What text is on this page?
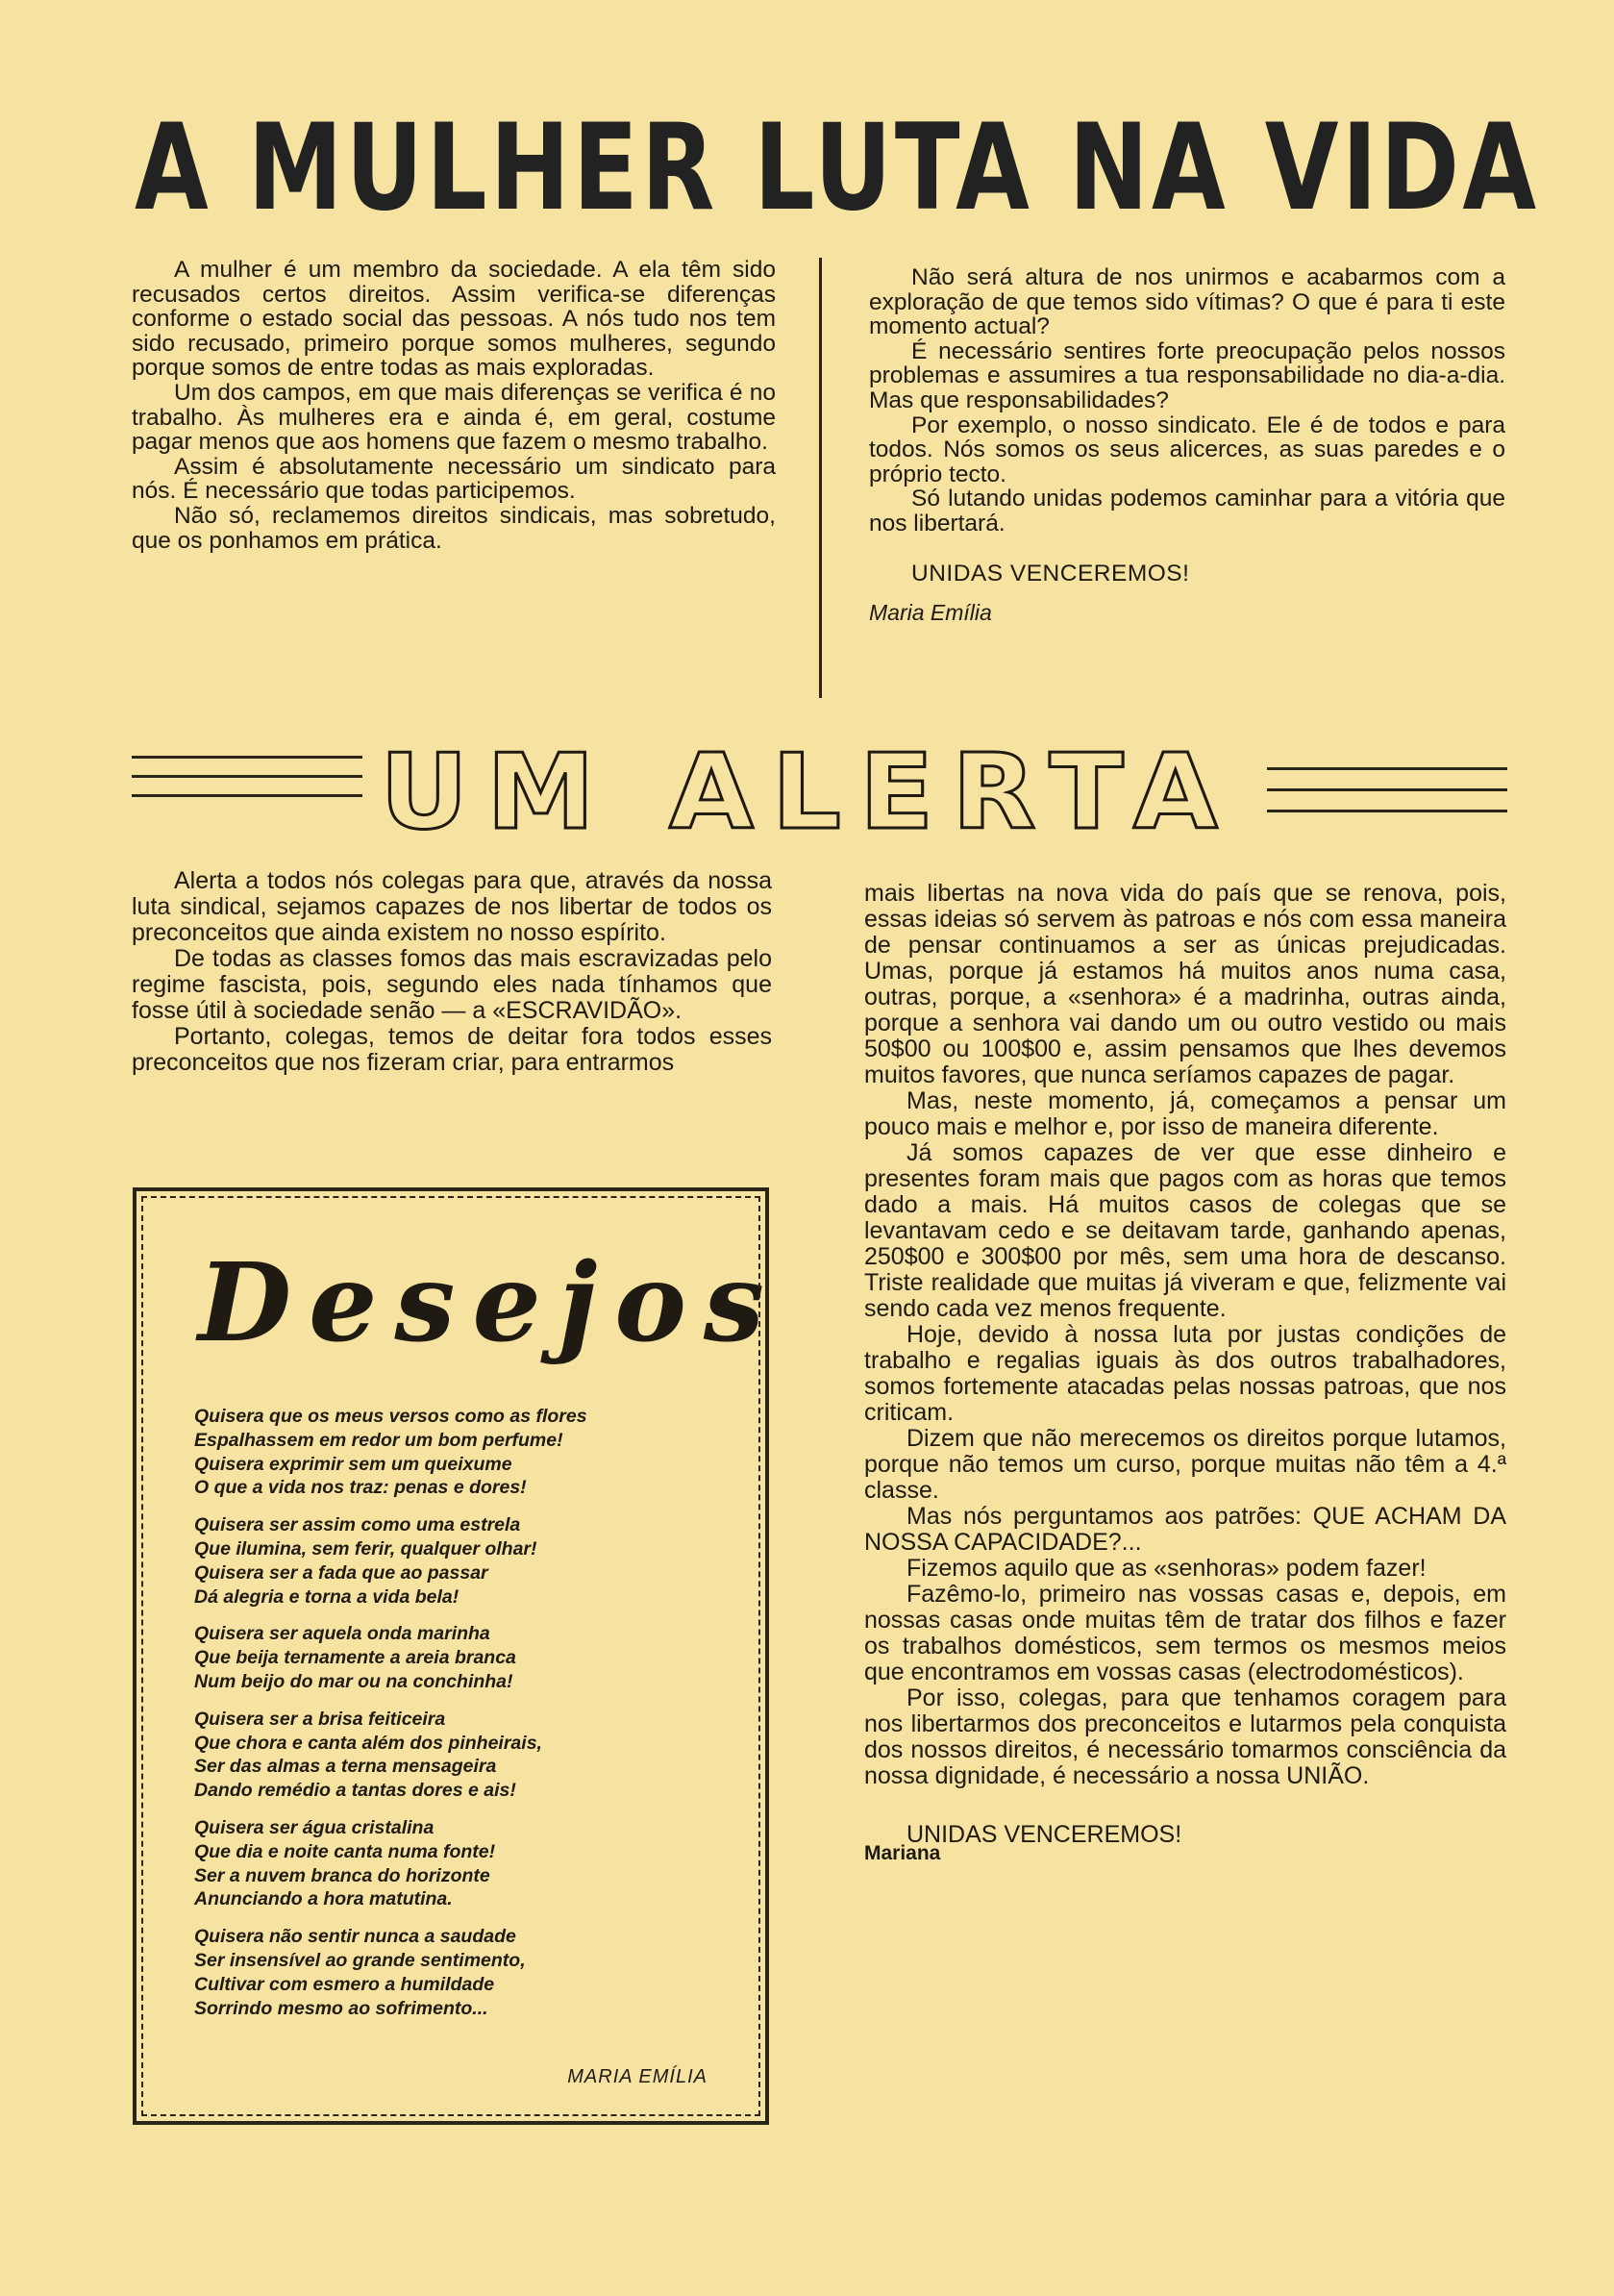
A MULHER LUTA NA VIDA

A mulher é um membro da sociedade. A ela têm sido recusados certos direitos. Assim verifica-se diferenças conforme o estado social das pessoas. A nós tudo nos tem sido recusado, primeiro porque somos mulheres, segundo porque somos de entre todas as mais exploradas.

Um dos campos, em que mais diferenças se verifica é no trabalho. Às mulheres era e ainda é, em geral, costume pagar menos que aos homens que fazem o mesmo trabalho.

Assim é absolutamente necessário um sindicato para nós. É necessário que todas participemos.

Não só, reclamemos direitos sindicais, mas sobretudo, que os ponhamos em prática.

Não será altura de nos unirmos e acabarmos com a exploração de que temos sido vítimas? O que é para ti este momento actual?

É necessário sentires forte preocupação pelos nossos problemas e assumires a tua responsabilidade no dia-a-dia. Mas que responsabilidades?

Por exemplo, o nosso sindicato. Ele é de todos e para todos. Nós somos os seus alicerces, as suas paredes e o próprio tecto.

Só lutando unidas podemos caminhar para a vitória que nos libertará.

UNIDAS VENCEREMOS!

Maria Emília

UM ALERTA

Alerta a todos nós colegas para que, através da nossa luta sindical, sejamos capazes de nos libertar de todos os preconceitos que ainda existem no nosso espírito.

De todas as classes fomos das mais escravizadas pelo regime fascista, pois, segundo eles nada tínhamos que fosse útil à sociedade senão — a «ESCRAVIDÃO».

Portanto, colegas, temos de deitar fora todos esses preconceitos que nos fizeram criar, para entrarmos

mais libertas na nova vida do país que se renova, pois, essas ideias só servem às patroas e nós com essa maneira de pensar continuamos a ser as únicas prejudicadas. Umas, porque já estamos há muitos anos numa casa, outras, porque, a «senhora» é a madrinha, outras ainda, porque a senhora vai dando um ou outro vestido ou mais 50$00 ou 100$00 e, assim pensamos que lhes devemos muitos favores, que nunca seríamos capazes de pagar.

Mas, neste momento, já, começamos a pensar um pouco mais e melhor e, por isso de maneira diferente.

Já somos capazes de ver que esse dinheiro e presentes foram mais que pagos com as horas que temos dado a mais. Há muitos casos de colegas que se levantavam cedo e se deitavam tarde, ganhando apenas, 250$00 e 300$00 por mês, sem uma hora de descanso. Triste realidade que muitas já viveram e que, felizmente vai sendo cada vez menos frequente.

Hoje, devido à nossa luta por justas condições de trabalho e regalias iguais às dos outros trabalhadores, somos fortemente atacadas pelas nossas patroas, que nos criticam.

Dizem que não merecemos os direitos porque lutamos, porque não temos um curso, porque muitas não têm a 4.ª classe.

Mas nós perguntamos aos patrões: QUE ACHAM DA NOSSA CAPACIDADE?...

Fizemos aquilo que as «senhoras» podem fazer!

Fazêmo-lo, primeiro nas vossas casas e, depois, em nossas casas onde muitas têm de tratar dos filhos e fazer os trabalhos domésticos, sem termos os mesmos meios que encontramos em vossas casas (electrodomésticos).

Por isso, colegas, para que tenhamos coragem para nos libertarmos dos preconceitos e lutarmos pela conquista dos nossos direitos, é necessário tomarmos consciência da nossa dignidade, é necessário a nossa UNIÃO.

UNIDAS VENCEREMOS!

Mariana

Desejos
Quisera que os meus versos como as flores
Espalhassem em redor um bom perfume!
Quisera exprimir sem um queixume
O que a vida nos traz: penas e dores!
Quisera ser assim como uma estrela
Que ilumina, sem ferir, qualquer olhar!
Quisera ser a fada que ao passar
Dá alegria e torna a vida bela!
Quisera ser aquela onda marinha
Que beija ternamente a areia branca
Num beijo do mar ou na conchinha!
Quisera ser a brisa feiticeira
Que chora e canta além dos pinheirais,
Ser das almas a terna mensageira
Dando remédio a tantas dores e ais!
Quisera ser água cristalina
Que dia e noite canta numa fonte!
Ser a nuvem branca do horizonte
Anunciando a hora matutina.
Quisera não sentir nunca a saudade
Ser insensível ao grande sentimento,
Cultivar com esmero a humildade
Sorrindo mesmo ao sofrimento...

MARIA EMÍLIA
